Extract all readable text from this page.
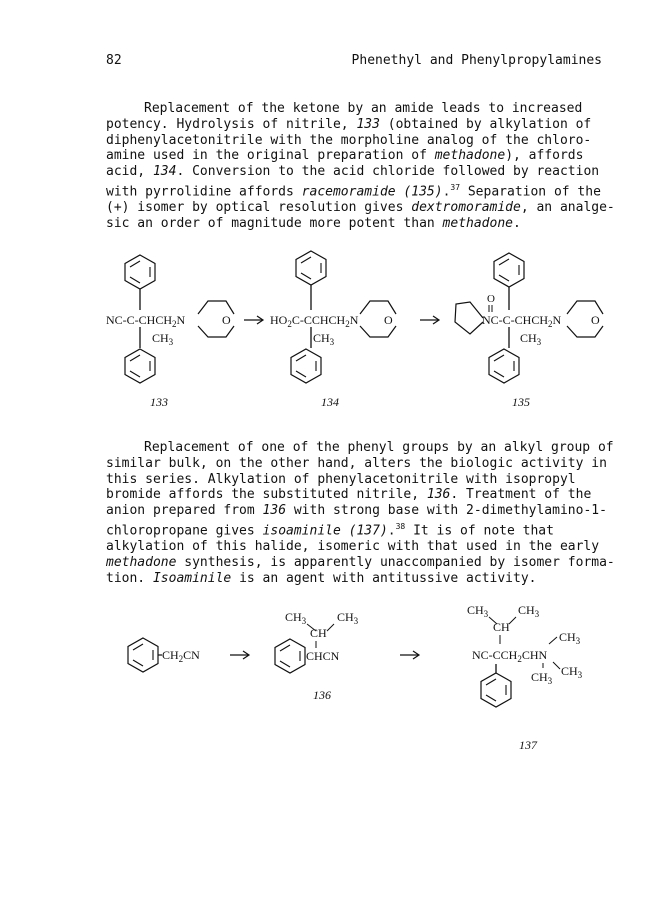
82	Phenethyl and Phenylpropylamines
Replacement of the ketone by an amide leads to increased
potency. Hydrolysis of nitrile, 133 (obtained by alkylation of
diphenylacetonitrile with the morpholine analog of the chloro-
amine used in the original preparation of methadone), affords
acid, 134. Conversion to the acid chloride followed by reaction
with pyrrolidine affords racemoramide (135).$^{37}$ Separation of the
(+) isomer by optical resolution gives dextromoramide, an analge-
sic an order of magnitude more potent than methadone.
Replacement of one of the phenyl groups by an alkyl group of
similar bulk, on the other hand, alters the biologic activity in
this series. Alkylation of phenylacetonitrile with isopropyl
bromide affords the substituted nitrile, 136. Treatment of the
anion prepared from 136 with strong base with 2-dimethylamino-1-
chloropropane gives isoaminile (137).$^{38}$ It is of note that
alkylation of this halide, isomeric with that used in the early
methadone synthesis, is apparently unaccompanied by isomer forma-
tion. Isoaminile is an agent with antitussive activity.
$NC-C-CHCH_2N$	O
$CH_3$
133
$HO_2C-CCHCH_2N$ O
$CH_3$
134
O
$NC-C-CHCH_2N$ O
$CH_3$
135
$CH_2CN$
$CH_3$	$CH_3$
CH
CHCN
136
$CH_3$ $CH_3$
CH
$CH_3$
$NC-CCH_2CHN$
$CH_3$
$CH_3$
137
